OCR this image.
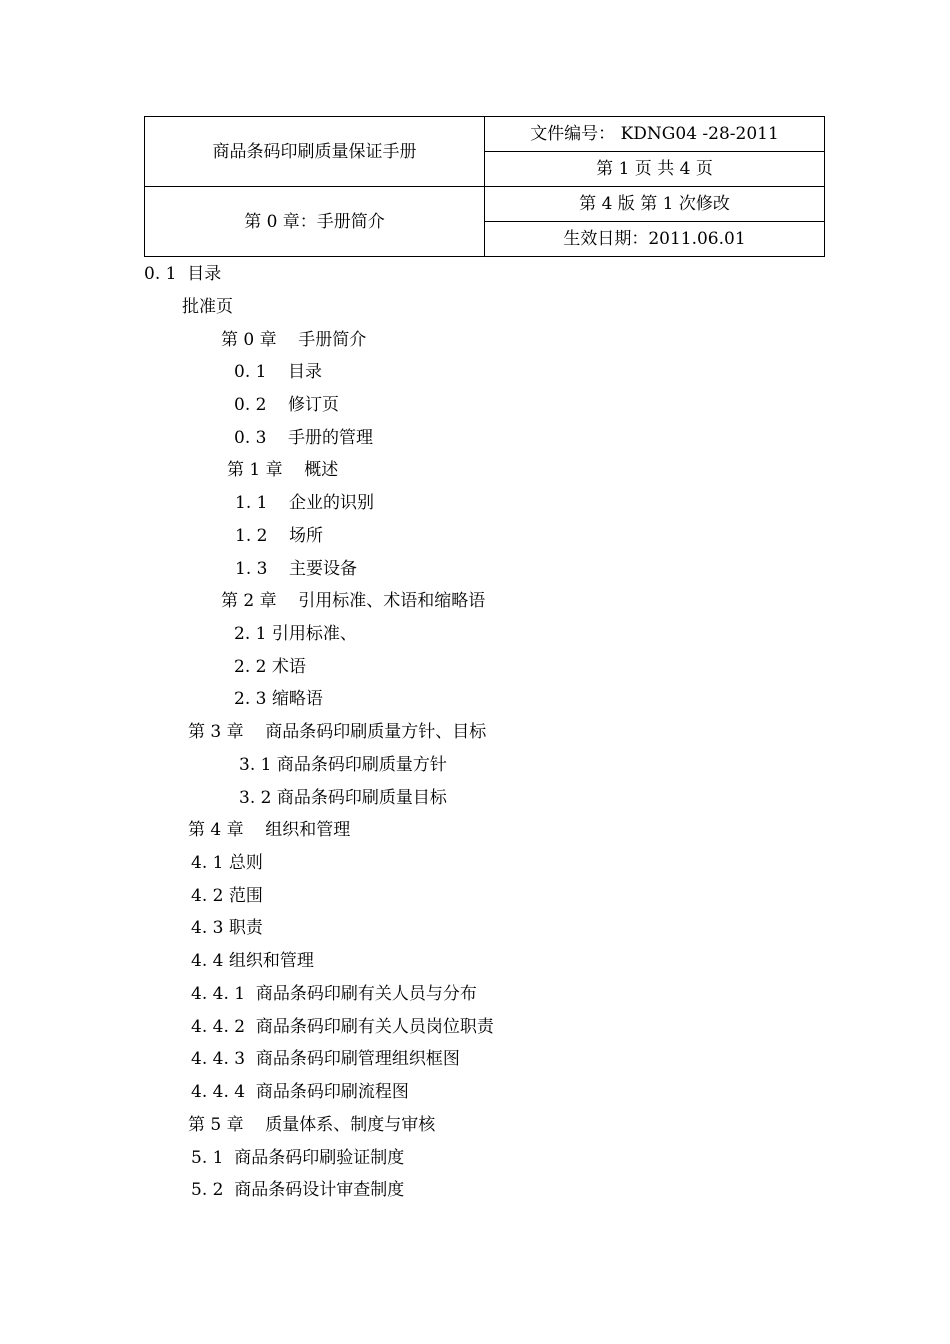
商品条码印刷质量保证手册	文件编号： KDNG04 -28-2011
	第 1 页 共 4 页
第 0 章：手册简介	第 4 版 第 1 次修改
	生效日期：2011.06.01
0. 1  目录
批准页
第 0 章    手册简介
0. 1    目录
0. 2    修订页
0. 3    手册的管理
第 1 章    概述
1. 1    企业的识别
1. 2    场所
1. 3    主要设备
第 2 章    引用标准、术语和缩略语
2. 1 引用标准、
2. 2 术语
2. 3 缩略语
第 3 章    商品条码印刷质量方针、目标
3. 1 商品条码印刷质量方针
3. 2 商品条码印刷质量目标
第 4 章    组织和管理
4. 1 总则
4. 2 范围
4. 3 职责
4. 4 组织和管理
4. 4. 1  商品条码印刷有关人员与分布
4. 4. 2  商品条码印刷有关人员岗位职责
4. 4. 3  商品条码印刷管理组织框图
4. 4. 4  商品条码印刷流程图
第 5 章    质量体系、制度与审核
5. 1  商品条码印刷验证制度
5. 2  商品条码设计审查制度
